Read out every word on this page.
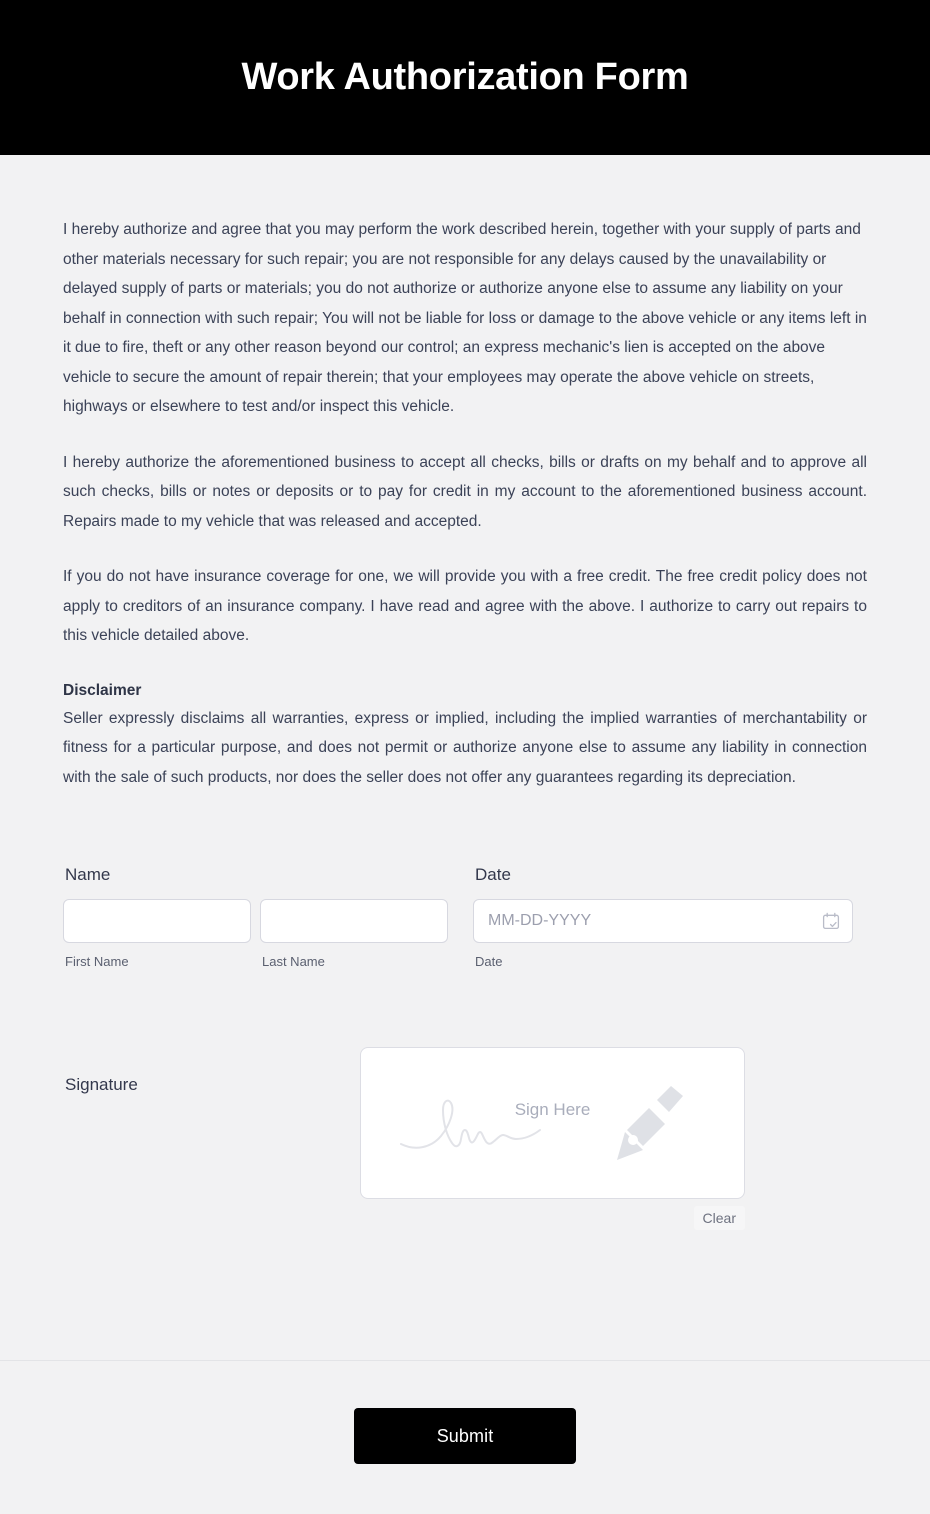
Work Authorization Form

I hereby authorize and agree that you may perform the work described herein, together with your supply of parts and other materials necessary for such repair; you are not responsible for any delays caused by the unavailability or delayed supply of parts or materials; you do not authorize or authorize anyone else to assume any liability on your behalf in connection with such repair; You will not be liable for loss or damage to the above vehicle or any items left in it due to fire, theft or any other reason beyond our control; an express mechanic's lien is accepted on the above vehicle to secure the amount of repair therein; that your employees may operate the above vehicle on streets, highways or elsewhere to test and/or inspect this vehicle.

I hereby authorize the aforementioned business to accept all checks, bills or drafts on my behalf and to approve all such checks, bills or notes or deposits or to pay for credit in my account to the aforementioned business account. Repairs made to my vehicle that was released and accepted.

If you do not have insurance coverage for one, we will provide you with a free credit. The free credit policy does not apply to creditors of an insurance company. I have read and agree with the above. I authorize to carry out repairs to this vehicle detailed above.

Disclaimer

Seller expressly disclaims all warranties, express or implied, including the implied warranties of merchantability or fitness for a particular purpose, and does not permit or authorize anyone else to assume any liability in connection with the sale of such products, nor does the seller does not offer any guarantees regarding its depreciation.

Name
First Name	Last Name
Date
MM-DD-YYYY
Date
Signature
Sign Here
Clear
Submit
